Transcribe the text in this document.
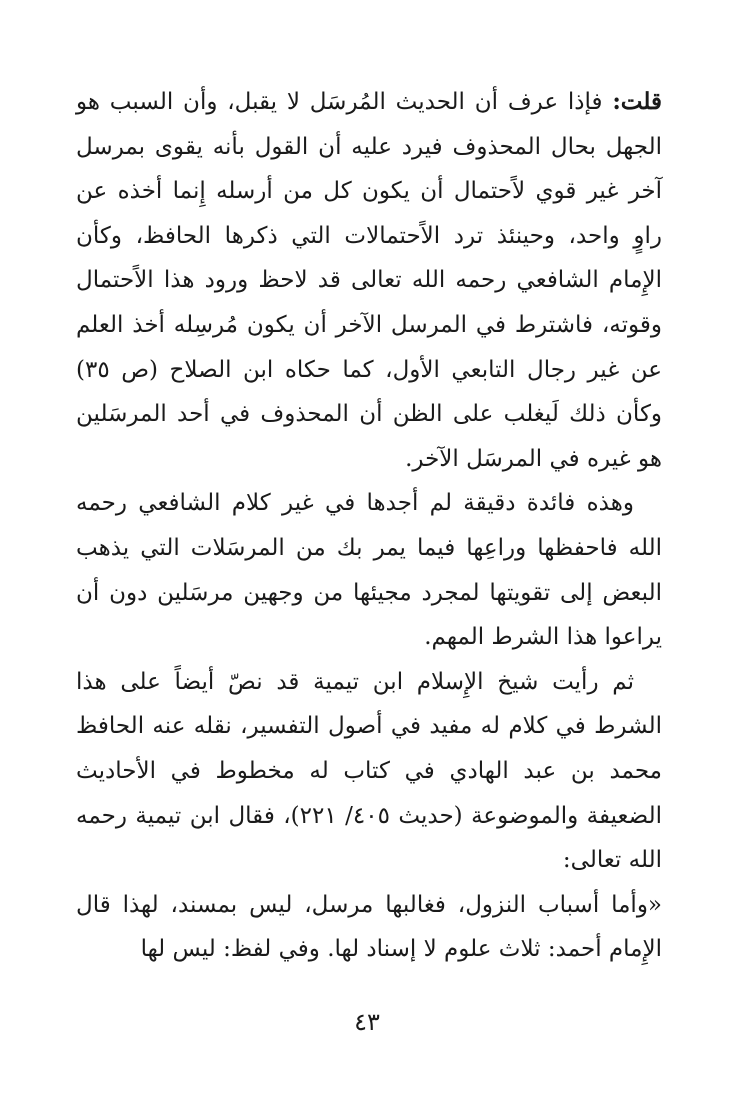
قلت: فإذا عرف أن الحديث المُرسَل لا يقبل، وأن السبب هو الجهل بحال المحذوف فيرد عليه أن القول بأنه يقوى بمرسل آخر غير قوي لاًحتمال أن يكون كل من أرسله إِنما أخذه عن راوٍ واحد، وحينئذ ترد الاًحتمالات التي ذكرها الحافظ، وكأن الإِمام الشافعي رحمه الله تعالى قد لاحظ ورود هذا الاًحتمال وقوته، فاشترط في المرسل الآخر أن يكون مُرسِله أخذ العلم عن غير رجال التابعي الأول، كما حكاه ابن الصلاح (ص ٣٥) وكأن ذلك لَيغلب على الظن أن المحذوف في أحد المرسَلين هو غيره في المرسَل الآخر.

وهذه فائدة دقيقة لم أجدها في غير كلام الشافعي رحمه الله فاحفظها وراعِها فيما يمر بك من المرسَلات التي يذهب البعض إلى تقويتها لمجرد مجيئها من وجهين مرسَلين دون أن يراعوا هذا الشرط المهم.

ثم رأيت شيخ الإِسلام ابن تيمية قد نصّ أيضاً على هذا الشرط في كلام له مفيد في أصول التفسير، نقله عنه الحافظ محمد بن عبد الهادي في كتاب له مخطوط في الأحاديث الضعيفة والموضوعة (حديث ٤٠٥/ ٢٢١)، فقال ابن تيمية رحمه الله تعالى:

«وأما أسباب النزول، فغالبها مرسل، ليس بمسند، لهذا قال الإِمام أحمد: ثلاث علوم لا إسناد لها. وفي لفظ: ليس لها

٤٣
